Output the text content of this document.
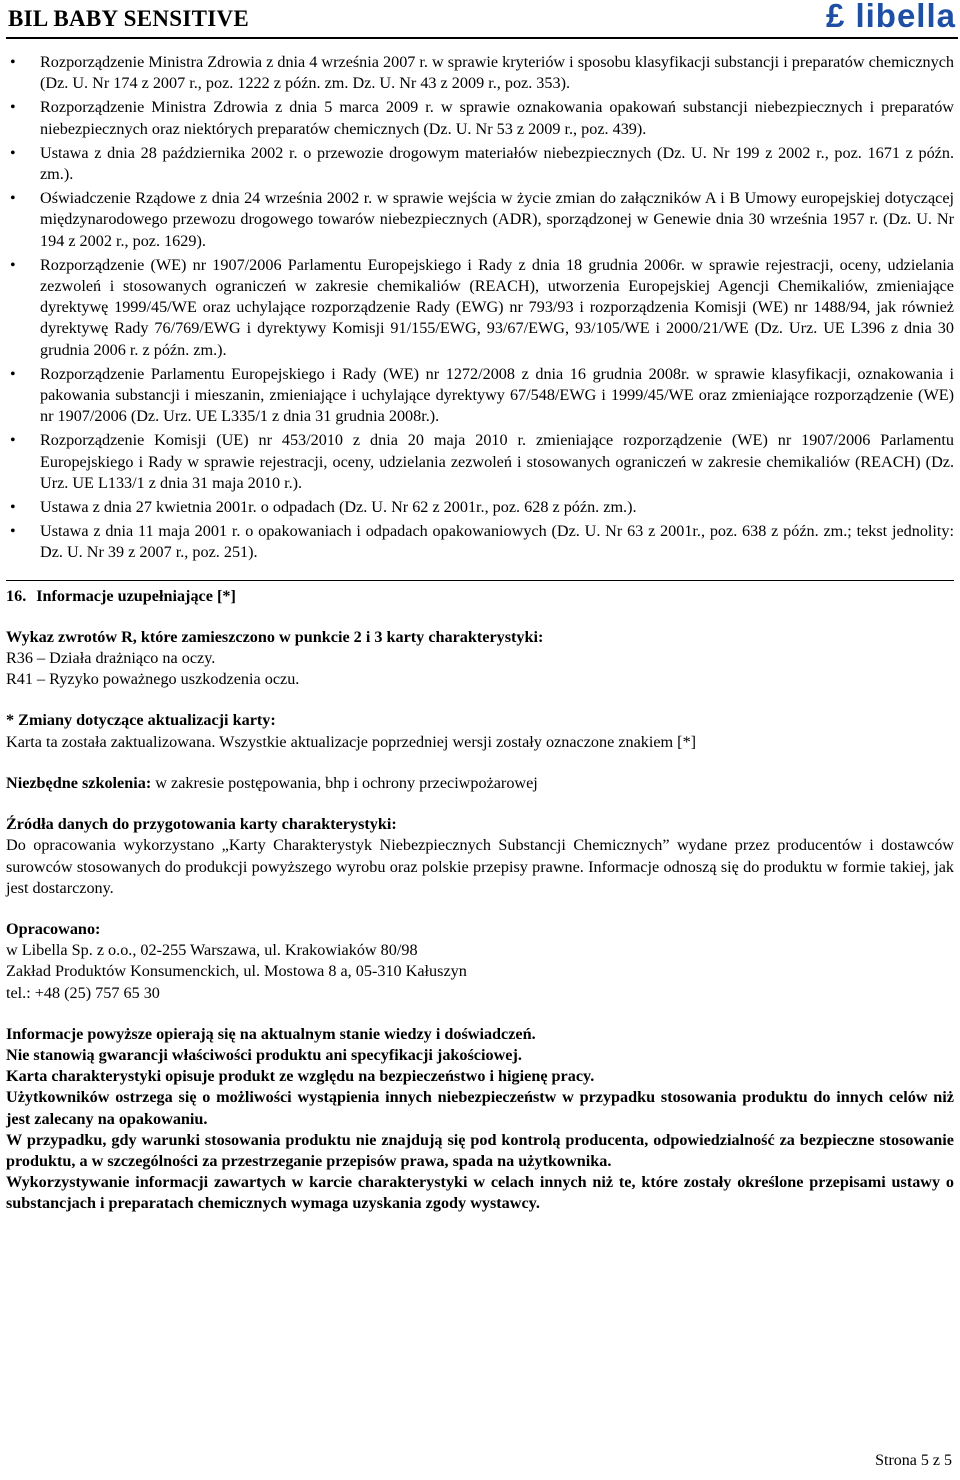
BIL BABY SENSITIVE	£ libella
• Rozporządzenie Ministra Zdrowia z dnia 4 września 2007 r. w sprawie kryteriów i sposobu klasyfikacji substancji i preparatów chemicznych (Dz. U. Nr 174 z 2007 r., poz. 1222 z późn. zm. Dz. U. Nr 43 z 2009 r., poz. 353).
• Rozporządzenie Ministra Zdrowia z dnia 5 marca 2009 r. w sprawie oznakowania opakowań substancji niebezpiecznych i preparatów niebezpiecznych oraz niektórych preparatów chemicznych (Dz. U. Nr 53 z 2009 r., poz. 439).
• Ustawa z dnia 28 października 2002 r. o przewozie drogowym materiałów niebezpiecznych (Dz. U. Nr 199 z 2002 r., poz. 1671 z późn. zm.).
• Oświadczenie Rządowe z dnia 24 września 2002 r. w sprawie wejścia w życie zmian do załączników A i B Umowy europejskiej dotyczącej międzynarodowego przewozu drogowego towarów niebezpiecznych (ADR), sporządzonej w Genewie dnia 30 września 1957 r. (Dz. U. Nr 194 z 2002 r., poz. 1629).
• Rozporządzenie (WE) nr 1907/2006 Parlamentu Europejskiego i Rady z dnia 18 grudnia 2006r. w sprawie rejestracji, oceny, udzielania zezwoleń i stosowanych ograniczeń w zakresie chemikaliów (REACH), utworzenia Europejskiej Agencji Chemikaliów, zmieniające dyrektywę 1999/45/WE oraz uchylające rozporządzenie Rady (EWG) nr 793/93 i rozporządzenia Komisji (WE) nr 1488/94, jak również dyrektywę Rady 76/769/EWG i dyrektywy Komisji 91/155/EWG, 93/67/EWG, 93/105/WE i 2000/21/WE (Dz. Urz. UE L396 z dnia 30 grudnia 2006 r. z późn. zm.).
• Rozporządzenie Parlamentu Europejskiego i Rady (WE) nr 1272/2008 z dnia 16 grudnia 2008r. w sprawie klasyfikacji, oznakowania i pakowania substancji i mieszanin, zmieniające i uchylające dyrektywy 67/548/EWG i 1999/45/WE oraz zmieniające rozporządzenie (WE) nr 1907/2006 (Dz. Urz. UE L335/1 z dnia 31 grudnia 2008r.).
• Rozporządzenie Komisji (UE) nr 453/2010 z dnia 20 maja 2010 r. zmieniające rozporządzenie (WE) nr 1907/2006 Parlamentu Europejskiego i Rady w sprawie rejestracji, oceny, udzielania zezwoleń i stosowanych ograniczeń w zakresie chemikaliów (REACH) (Dz. Urz. UE L133/1 z dnia 31 maja 2010 r.).
• Ustawa z dnia 27 kwietnia 2001r. o odpadach (Dz. U. Nr 62 z 2001r., poz. 628 z późn. zm.).
• Ustawa z dnia 11 maja 2001 r. o opakowaniach i odpadach opakowaniowych (Dz. U. Nr 63 z 2001r., poz. 638 z późn. zm.; tekst jednolity: Dz. U. Nr 39 z 2007 r., poz. 251).
16. Informacje uzupełniające [*]
Wykaz zwrotów R, które zamieszczono w punkcie 2 i 3 karty charakterystyki:
R36 – Działa drażniąco na oczy.
R41 – Ryzyko poważnego uszkodzenia oczu.
* Zmiany dotyczące aktualizacji karty:
Karta ta została zaktualizowana. Wszystkie aktualizacje poprzedniej wersji zostały oznaczone znakiem [*]
Niezbędne szkolenia: w zakresie postępowania, bhp i ochrony przeciwpożarowej
Źródła danych do przygotowania karty charakterystyki:
Do opracowania wykorzystano „Karty Charakterystyk Niebezpiecznych Substancji Chemicznych” wydane przez producentów i dostawców surowców stosowanych do produkcji powyższego wyrobu oraz polskie przepisy prawne. Informacje odnoszą się do produktu w formie takiej, jak jest dostarczony.
Opracowano:
w Libella Sp. z o.o., 02-255 Warszawa, ul. Krakowiaków 80/98
Zakład Produktów Konsumenckich, ul. Mostowa 8 a, 05-310 Kałuszyn
tel.: +48 (25) 757 65 30
Informacje powyższe opierają się na aktualnym stanie wiedzy i doświadczeń.
Nie stanowią gwarancji właściwości produktu ani specyfikacji jakościowej.
Karta charakterystyki opisuje produkt ze względu na bezpieczeństwo i higienę pracy.
Użytkowników ostrzega się o możliwości wystąpienia innych niebezpieczeństw w przypadku stosowania produktu do innych celów niż jest zalecany na opakowaniu.
W przypadku, gdy warunki stosowania produktu nie znajdują się pod kontrolą producenta, odpowiedzialność za bezpieczne stosowanie produktu, a w szczególności za przestrzeganie przepisów prawa, spada na użytkownika.
Wykorzystywanie informacji zawartych w karcie charakterystyki w celach innych niż te, które zostały określone przepisami ustawy o substancjach i preparatach chemicznych wymaga uzyskania zgody wystawcy.
Strona 5 z 5
